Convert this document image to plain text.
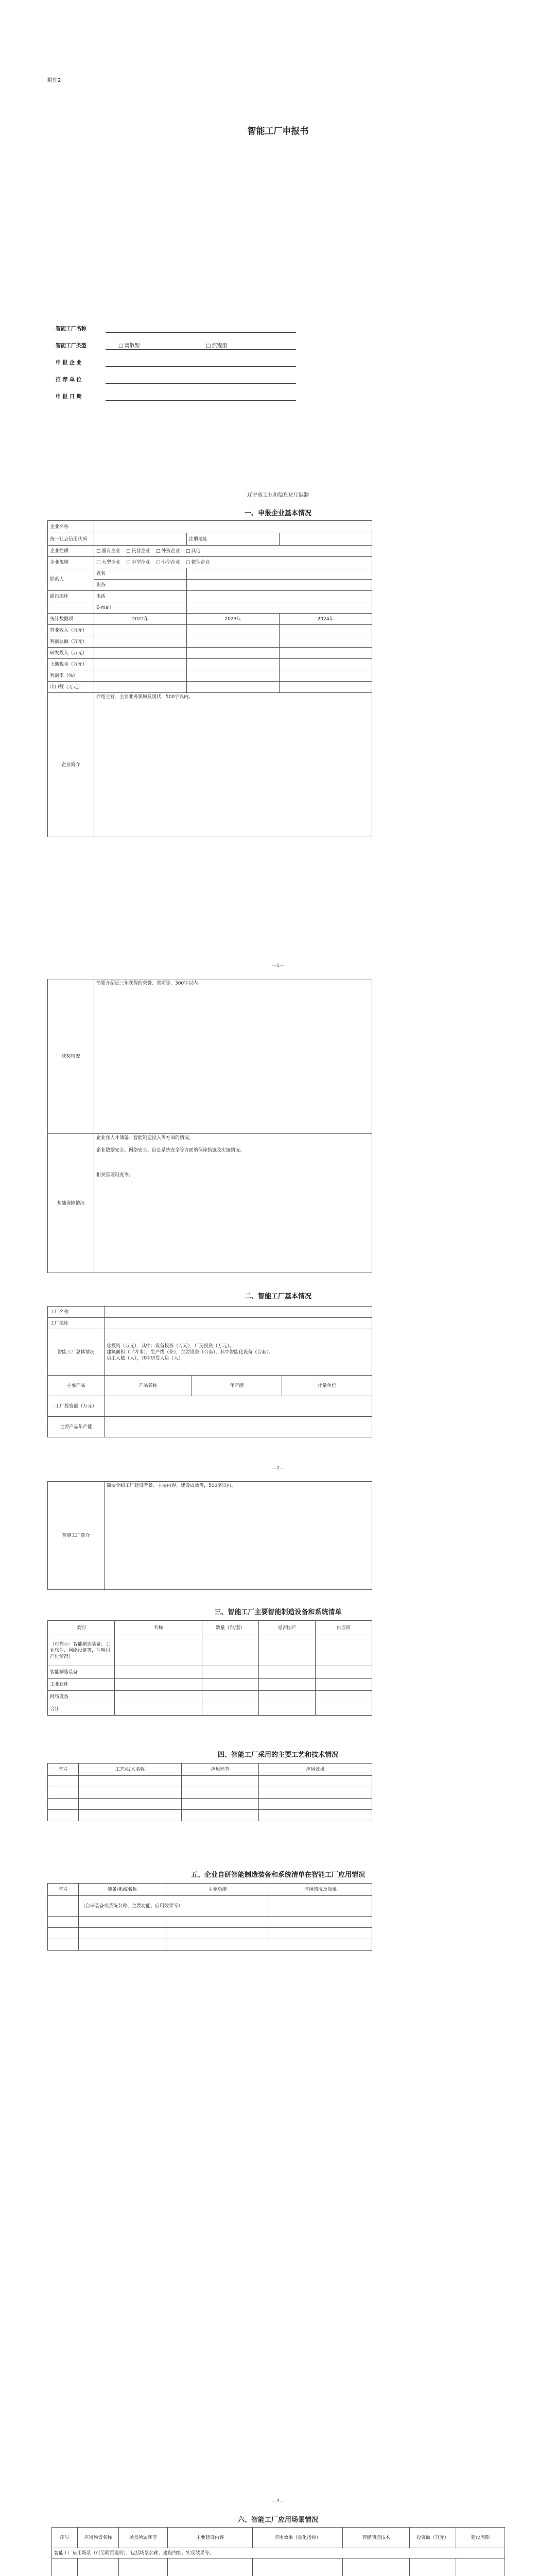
附件2
智能工厂申报书
智能工厂名称
智能工厂类型 □	离散型 □	流程型
申 报 企 业
推 荐 单 位
申 报 日 期
辽宁省工业和信息化厅编制
一、申报企业基本情况
企业名称			
统一社会信用代码		注册地址	
企业性质	□国有企业 □ 民营企业 □ 外资企业 □ 其他
企业规模	□大型企业 □ 中型企业 □ 小型企业 □ 微型企业
联系人	姓名		
	职务		
通讯地址	电话		
	E-mail		
统计数据项	2022年	2023年	2024年
营业收入（万元）			
利润总额（万元）			
研发投入（万元）			
上缴税金（万元）			
利润率（%）			
出口额（万元）			
企业简介	介绍主营、主要业务领域及现状，500字以内。		
—1—
获奖情况	简要介绍近三年获得的荣誉、奖项等，300字以内。
基础保障情况	企业在人才储备、智能制造投入等方面的情况。

企业数据安全、网络安全、信息系统安全等方面的保障措施及实施情况。

相关管理制度等。
二、智能工厂基本情况
工厂名称			
工厂地址			
智能工厂总体情况	总投资（万元），其中：设备投资（万元），厂房投资（万元）。
建筑面积（平方米），生产线（条），主要设备（台套），其中智能化设备（台套）。
员工人数（人），其中研发人员（人）。		

主要产品	产品名称	年产能	计量单位
工厂投资额（万元）			
主要产品年产能			
—2—
智能工厂简介	简要介绍工厂建设背景、主要内容、建设成效等，500字以内。
三、智能工厂主要智能制造设备和系统清单
类别	名称	数量（台/套）	是否国产	供应商
（可列示：智能制造装备、工业软件、网络设备等，注明国产化情况）				
智能制造装备				
工业软件				
网络设备				
合计				
四、智能工厂采用的主要工艺和技术情况
序号	工艺/技术名称	应用环节	应用效果

五、企业自研智能制造装备和系统清单在智能工厂应用情况
序号	装备/系统名称	主要功能	应用情况及效果
	（自研装备或系统名称、主要功能、应用效果等）		

—3—
六、智能工厂应用场景情况
序号	应用场景名称	场景所属环节	主要建设内容	应用效果（量化指标）	智能制造技术	投资额（万元）	建设周期
智能工厂应用场景（可另附页说明），包括场景名称、建设内容、实现效果等。							
